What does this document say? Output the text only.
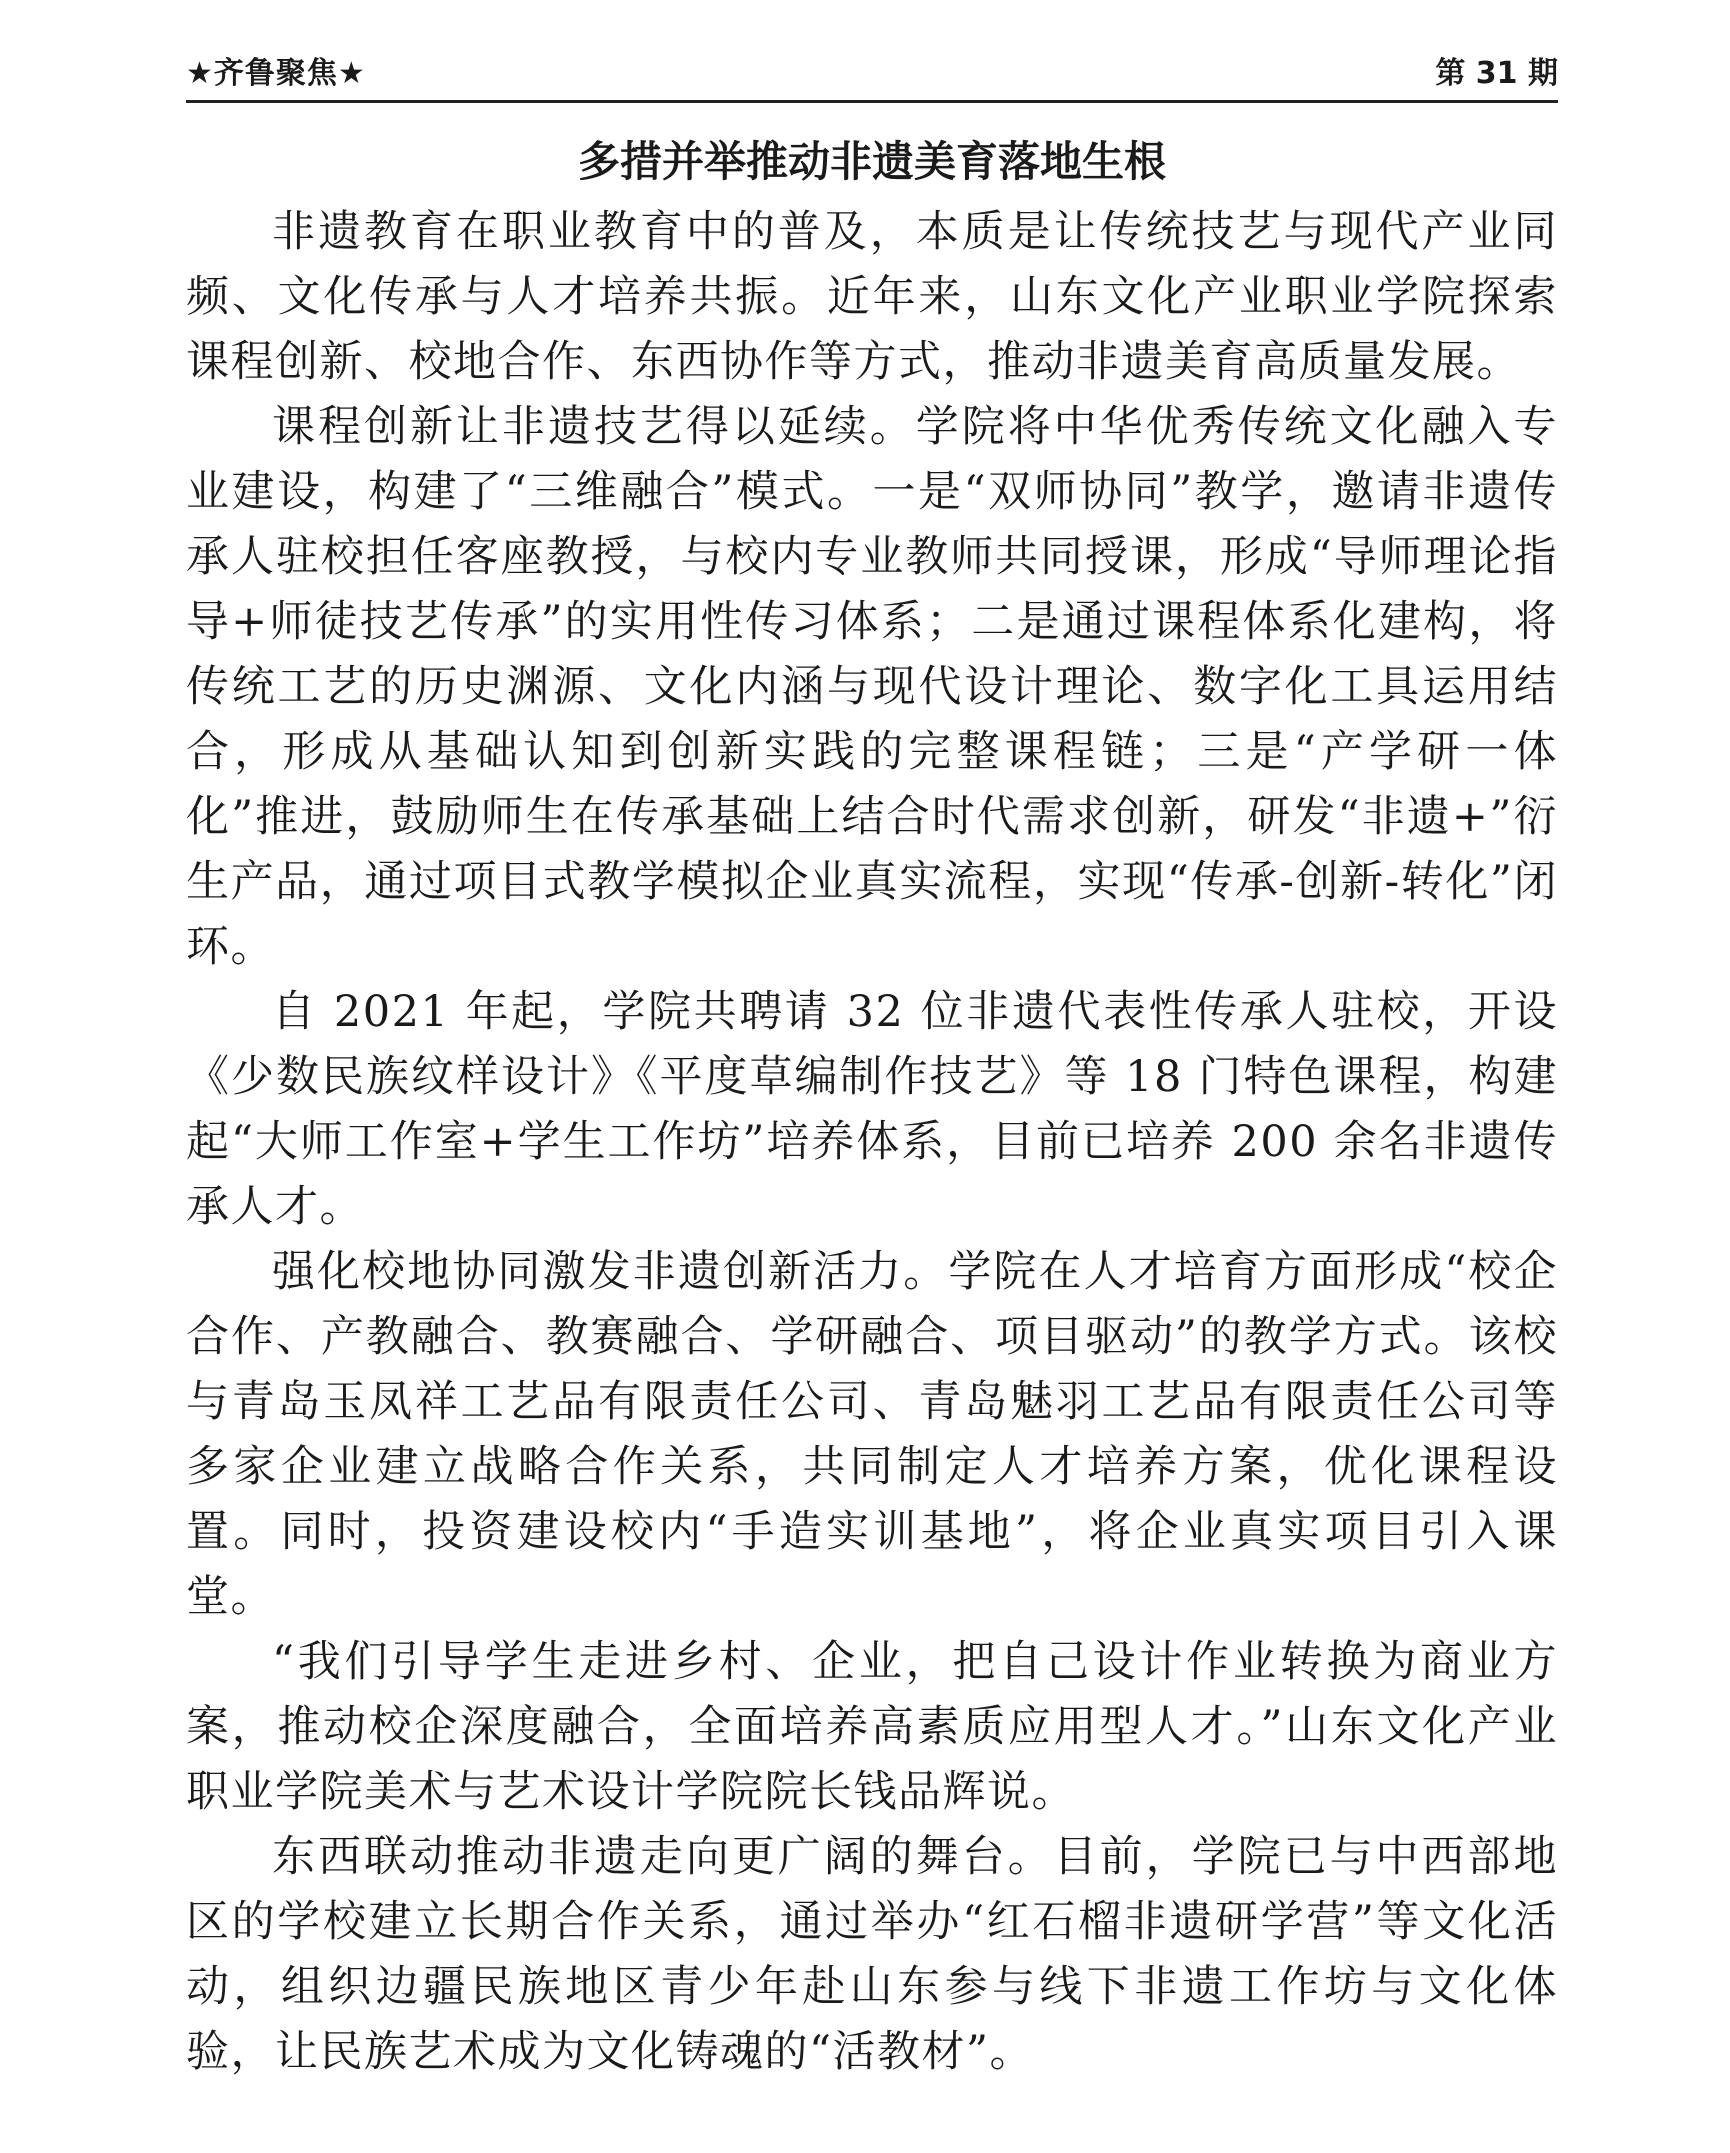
★齐鲁聚焦★	第 31 期
多措并举推动非遗美育落地生根

非遗教育在职业教育中的普及，本质是让传统技艺与现代产业同频、文化传承与人才培养共振。近年来，山东文化产业职业学院探索课程创新、校地合作、东西协作等方式，推动非遗美育高质量发展。

课程创新让非遗技艺得以延续。学院将中华优秀传统文化融入专业建设，构建了“三维融合”模式。一是“双师协同”教学，邀请非遗传承人驻校担任客座教授，与校内专业教师共同授课，形成“导师理论指导+师徒技艺传承”的实用性传习体系；二是通过课程体系化建构，将传统工艺的历史渊源、文化内涵与现代设计理论、数字化工具运用结合，形成从基础认知到创新实践的完整课程链；三是“产学研一体化”推进，鼓励师生在传承基础上结合时代需求创新，研发“非遗+”衍生产品，通过项目式教学模拟企业真实流程，实现“传承-创新-转化”闭环。

自 2021 年起，学院共聘请 32 位非遗代表性传承人驻校，开设《少数民族纹样设计》《平度草编制作技艺》等 18 门特色课程，构建起“大师工作室+学生工作坊”培养体系，目前已培养 200 余名非遗传承人才。

强化校地协同激发非遗创新活力。学院在人才培育方面形成“校企合作、产教融合、教赛融合、学研融合、项目驱动”的教学方式。该校与青岛玉凤祥工艺品有限责任公司、青岛魅羽工艺品有限责任公司等多家企业建立战略合作关系，共同制定人才培养方案，优化课程设置。同时，投资建设校内“手造实训基地”，将企业真实项目引入课堂。

“我们引导学生走进乡村、企业，把自己设计作业转换为商业方案，推动校企深度融合，全面培养高素质应用型人才。”山东文化产业职业学院美术与艺术设计学院院长钱品辉说。

东西联动推动非遗走向更广阔的舞台。目前，学院已与中西部地区的学校建立长期合作关系，通过举办“红石榴非遗研学营”等文化活动，组织边疆民族地区青少年赴山东参与线下非遗工作坊与文化体验，让民族艺术成为文化铸魂的“活教材”。
